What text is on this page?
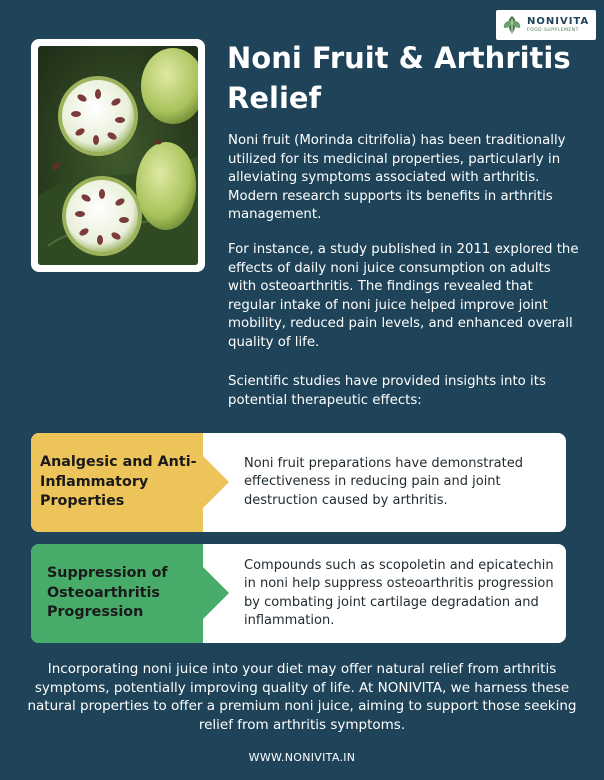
NONIVITA
FOOD SUPPLEMENT
Noni Fruit & Arthritis Relief

Noni fruit (Morinda citrifolia) has been traditionally utilized for its medicinal properties, particularly in alleviating symptoms associated with arthritis. Modern research supports its benefits in arthritis management.

For instance, a study published in 2011 explored the effects of daily noni juice consumption on adults with osteoarthritis. The findings revealed that regular intake of noni juice helped improve joint mobility, reduced pain levels, and enhanced overall quality of life.

Scientific studies have provided insights into its potential therapeutic effects:

Analgesic and Anti-Inflammatory Properties
Noni fruit preparations have demonstrated effectiveness in reducing pain and joint destruction caused by arthritis.
Suppression of Osteoarthritis Progression
Compounds such as scopoletin and epicatechin in noni help suppress osteoarthritis progression by combating joint cartilage degradation and inflammation.

Incorporating noni juice into your diet may offer natural relief from arthritis symptoms, potentially improving quality of life. At NONIVITA, we harness these natural properties to offer a premium noni juice, aiming to support those seeking relief from arthritis symptoms.

WWW.NONIVITA.IN
